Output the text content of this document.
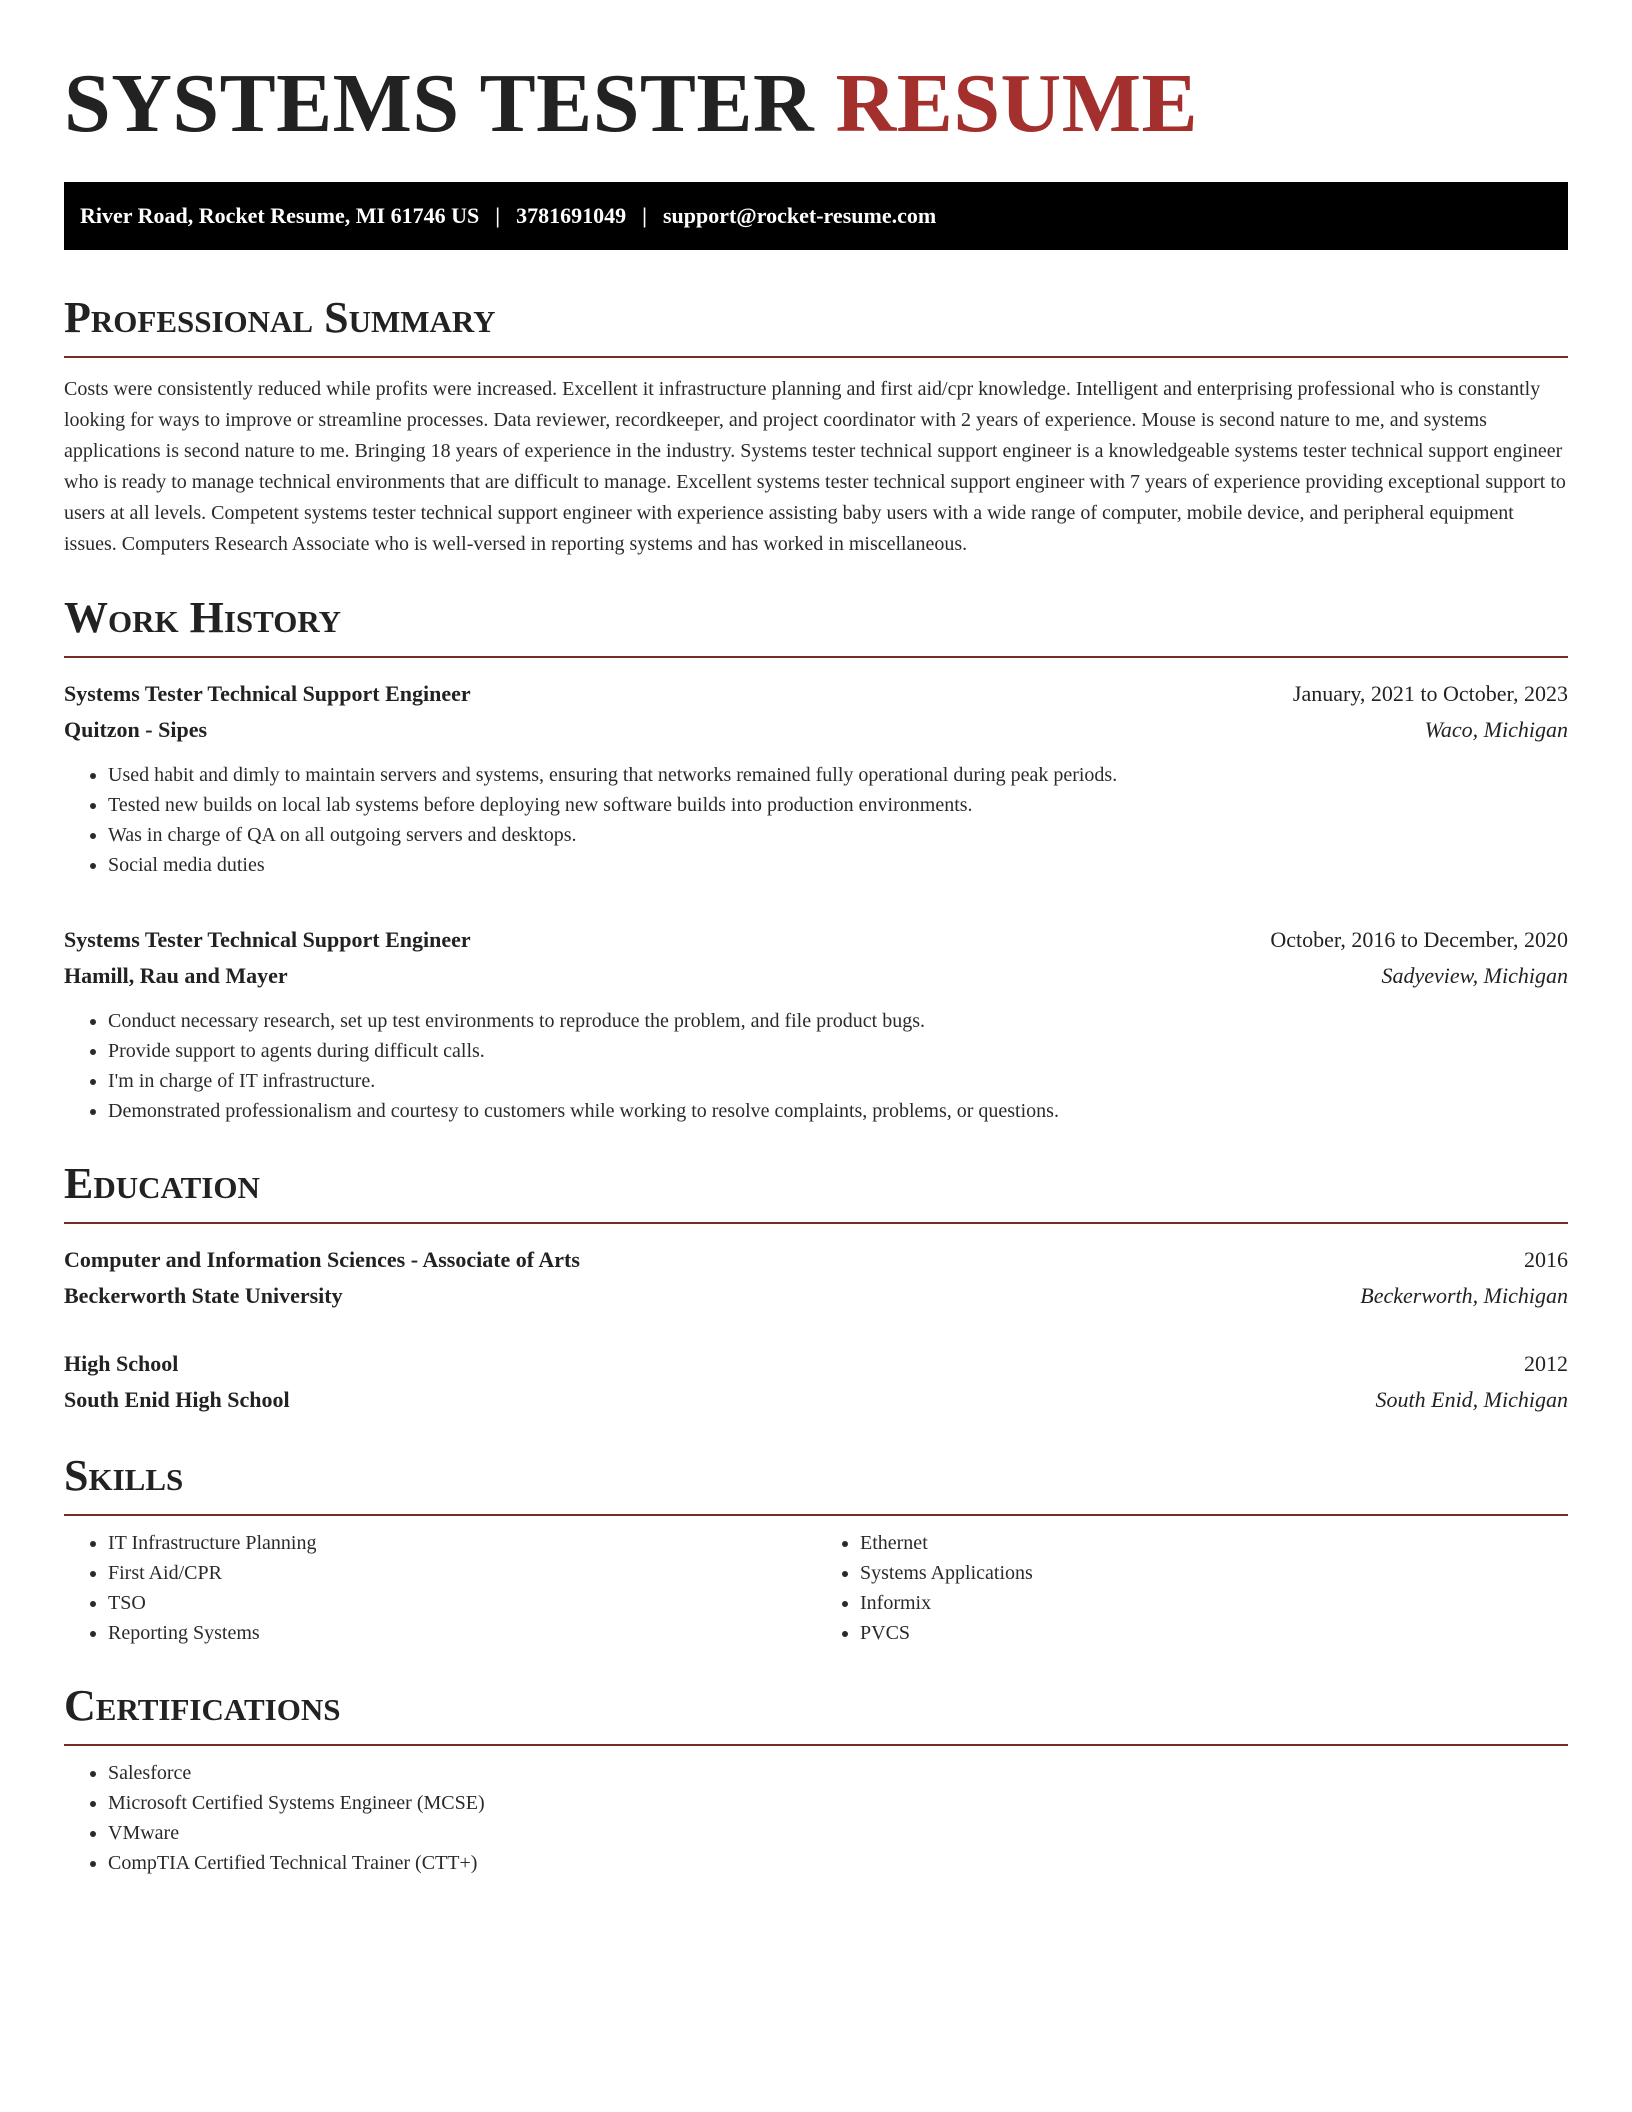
SYSTEMS TESTER RESUME
River Road, Rocket Resume, MI 61746 US | 3781691049 | support@rocket-resume.com
Professional Summary

Costs were consistently reduced while profits were increased. Excellent it infrastructure planning and first aid/cpr knowledge. Intelligent and enterprising professional who is constantly looking for ways to improve or streamline processes. Data reviewer, recordkeeper, and project coordinator with 2 years of experience. Mouse is second nature to me, and systems applications is second nature to me. Bringing 18 years of experience in the industry. Systems tester technical support engineer is a knowledgeable systems tester technical support engineer who is ready to manage technical environments that are difficult to manage. Excellent systems tester technical support engineer with 7 years of experience providing exceptional support to users at all levels. Competent systems tester technical support engineer with experience assisting baby users with a wide range of computer, mobile device, and peripheral equipment issues. Computers Research Associate who is well-versed in reporting systems and has worked in miscellaneous.

Work History
Systems Tester Technical Support Engineer	January, 2021 to October, 2023
Quitzon - Sipes	Waco, Michigan
• Used habit and dimly to maintain servers and systems, ensuring that networks remained fully operational during peak periods.
• Tested new builds on local lab systems before deploying new software builds into production environments.
• Was in charge of QA on all outgoing servers and desktops.
• Social media duties
Systems Tester Technical Support Engineer	October, 2016 to December, 2020
Hamill, Rau and Mayer	Sadyeview, Michigan
• Conduct necessary research, set up test environments to reproduce the problem, and file product bugs.
• Provide support to agents during difficult calls.
• I'm in charge of IT infrastructure.
• Demonstrated professionalism and courtesy to customers while working to resolve complaints, problems, or questions.
Education
Computer and Information Sciences - Associate of Arts	2016
Beckerworth State University	Beckerworth, Michigan
High School	2012
South Enid High School	South Enid, Michigan
Skills
• IT Infrastructure Planning
• First Aid/CPR
• TSO
• Reporting Systems
• Ethernet
• Systems Applications
• Informix
• PVCS
Certifications
• Salesforce
• Microsoft Certified Systems Engineer (MCSE)
• VMware
• CompTIA Certified Technical Trainer (CTT+)
